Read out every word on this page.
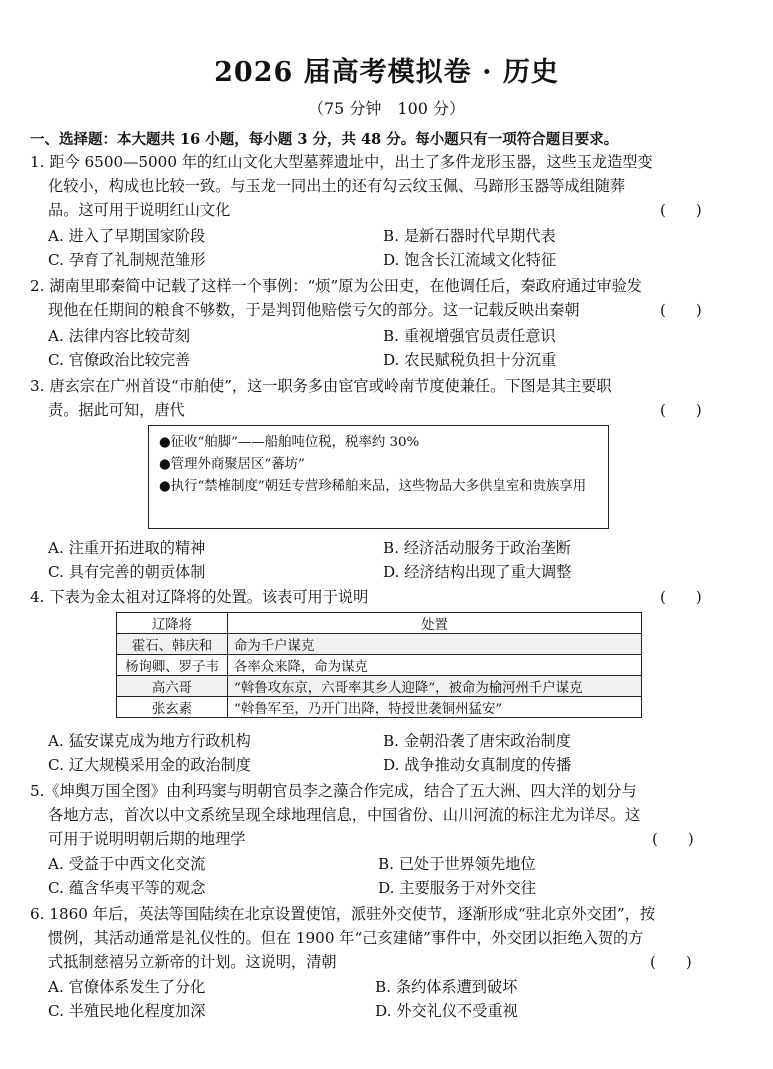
2026 届高考模拟卷 · 历史
（75 分钟　100 分）
一、选择题：本大题共 16 小题，每小题 3 分，共 48 分。每小题只有一项符合题目要求。
1. 距今 6500—5000 年的红山文化大型墓葬遗址中，出土了多件龙形玉器，这些玉龙造型变
化较小，构成也比较一致。与玉龙一同出土的还有勾云纹玉佩、马蹄形玉器等成组随葬
品。这可用于说明红山文化	(　　)
A. 进入了早期国家阶段	B. 是新石器时代早期代表
C. 孕育了礼制规范雏形	D. 饱含长江流域文化特征
2. 湖南里耶秦简中记载了这样一个事例：“烦”原为公田吏，在他调任后，秦政府通过审验发
现他在任期间的粮食不够数，于是判罚他赔偿亏欠的部分。这一记载反映出秦朝	(　　)
A. 法律内容比较苛刻	B. 重视增强官员责任意识
C. 官僚政治比较完善	D. 农民赋税负担十分沉重
3. 唐玄宗在广州首设“市舶使”，这一职务多由宦官或岭南节度使兼任。下图是其主要职
责。据此可知，唐代	(　　)
●征收“舶脚”——船舶吨位税，税率约 30%
●管理外商聚居区“蕃坊”
●执行“禁榷制度”朝廷专营珍稀舶来品，这些物品大多供皇室和贵族享用
A. 注重开拓进取的精神	B. 经济活动服务于政治垄断
C. 具有完善的朝贡体制	D. 经济结构出现了重大调整
4. 下表为金太祖对辽降将的处置。该表可用于说明	(　　)
辽降将	处置
霍石、韩庆和	命为千户谋克
杨询卿、罗子韦	各率众来降，命为谋克
高六哥	“斡鲁攻东京，六哥率其乡人迎降”，被命为榆河州千户谋克
张玄素	“斡鲁军至，乃开门出降，特授世袭铜州猛安”
A. 猛安谋克成为地方行政机构	B. 金朝沿袭了唐宋政治制度
C. 辽大规模采用金的政治制度	D. 战争推动女真制度的传播
5.《坤舆万国全图》由利玛窦与明朝官员李之藻合作完成，结合了五大洲、四大洋的划分与
各地方志，首次以中文系统呈现全球地理信息，中国省份、山川河流的标注尤为详尽。这
可用于说明明朝后期的地理学	(　　)
A. 受益于中西文化交流	B. 已处于世界领先地位
C. 蕴含华夷平等的观念	D. 主要服务于对外交往
6. 1860 年后，英法等国陆续在北京设置使馆，派驻外交使节，逐渐形成“驻北京外交团”，按
惯例，其活动通常是礼仪性的。但在 1900 年“己亥建储”事件中，外交团以拒绝入贺的方
式抵制慈禧另立新帝的计划。这说明，清朝	(　　)
A. 官僚体系发生了分化	B. 条约体系遭到破坏
C. 半殖民地化程度加深	D. 外交礼仪不受重视
